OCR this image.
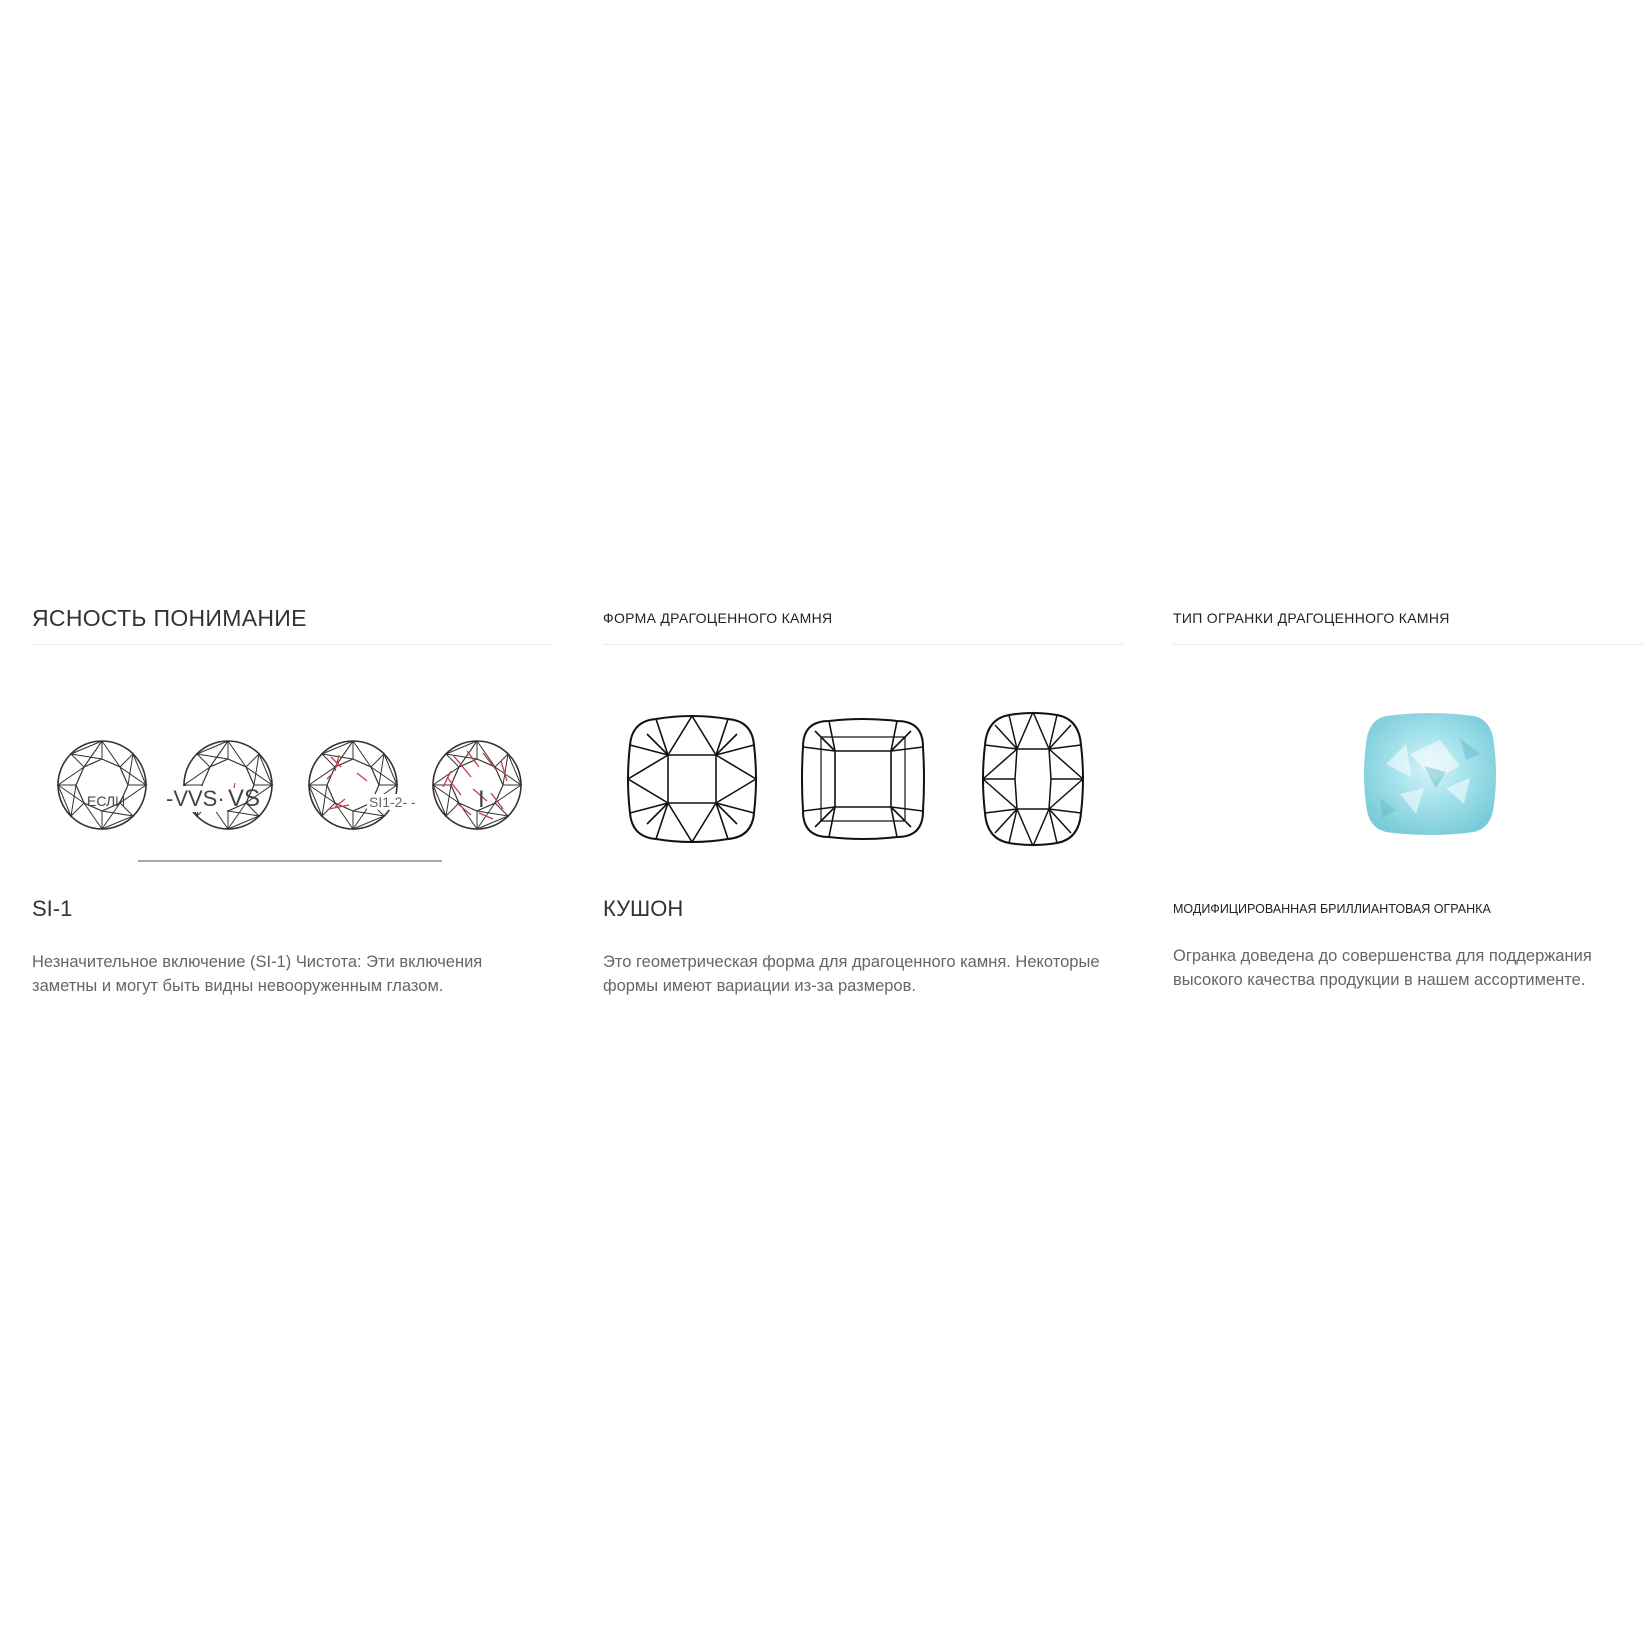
ЯСНОСТЬ ПОНИМАНИЕ
ЕСЛИ -VVS· VS	SI1-2- -	I
SI-1
Незначительное включение (SI-1) Чистота: Эти включения заметны и могут быть видны невооруженным глазом.
ФОРМА ДРАГОЦЕННОГО КАМНЯ
КУШОН
Это геометрическая форма для драгоценного камня. Некоторые формы имеют вариации из-за размеров.
ТИП ОГРАНКИ ДРАГОЦЕННОГО КАМНЯ
МОДИФИЦИРОВАННАЯ БРИЛЛИАНТОВАЯ ОГРАНКА
Огранка доведена до совершенства для поддержания высокого качества продукции в нашем ассортименте.
